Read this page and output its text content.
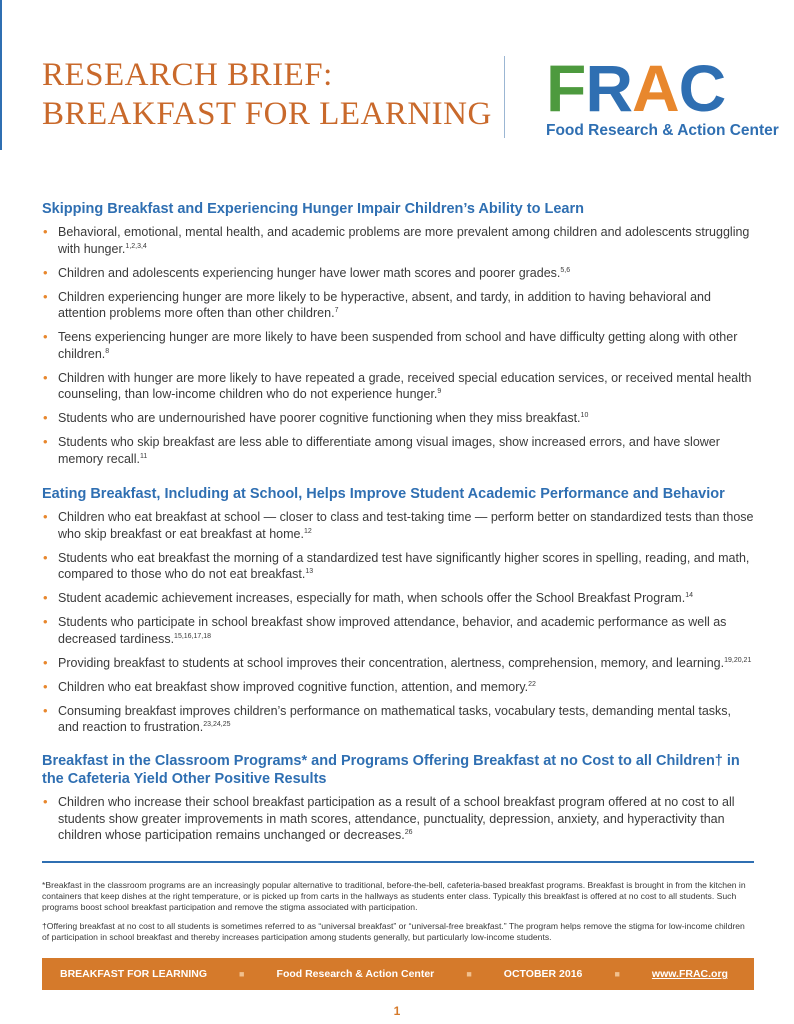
RESEARCH BRIEF:
BREAKFAST FOR LEARNING FRAC
Food Research & Action Center
Skipping Breakfast and Experiencing Hunger Impair Children’s Ability to Learn
• Behavioral, emotional, mental health, and academic problems are more prevalent among children and adolescents struggling with hunger.$^{1,2,3,4}$
• Children and adolescents experiencing hunger have lower math scores and poorer grades.$^{5,6}$
• Children experiencing hunger are more likely to be hyperactive, absent, and tardy, in addition to having behavioral and attention problems more often than other children.$^7$
• Teens experiencing hunger are more likely to have been suspended from school and have difficulty getting along with other children.$^8$
• Children with hunger are more likely to have repeated a grade, received special education services, or received mental health counseling, than low-income children who do not experience hunger.$^9$
• Students who are undernourished have poorer cognitive functioning when they miss breakfast.$^{10}$
• Students who skip breakfast are less able to differentiate among visual images, show increased errors, and have slower memory recall.$^{11}$
Eating Breakfast, Including at School, Helps Improve Student Academic Performance and Behavior
• Children who eat breakfast at school — closer to class and test-taking time — perform better on standardized tests than those who skip breakfast or eat breakfast at home.$^{12}$
• Students who eat breakfast the morning of a standardized test have significantly higher scores in spelling, reading, and math, compared to those who do not eat breakfast.$^{13}$
• Student academic achievement increases, especially for math, when schools offer the School Breakfast Program.$^{14}$
• Students who participate in school breakfast show improved attendance, behavior, and academic performance as well as decreased tardiness.$^{15,16,17,18}$
• Providing breakfast to students at school improves their concentration, alertness, comprehension, memory, and learning.$^{19,20,21}$
• Children who eat breakfast show improved cognitive function, attention, and memory.$^{22}$
• Consuming breakfast improves children’s performance on mathematical tasks, vocabulary tests, demanding mental tasks, and reaction to frustration.$^{23,24,25}$
Breakfast in the Classroom Programs* and Programs Offering Breakfast at no Cost to all Children† in the Cafeteria Yield Other Positive Results
• Children who increase their school breakfast participation as a result of a school breakfast program offered at no cost to all students show greater improvements in math scores, attendance, punctuality, depression, anxiety, and hyperactivity than children whose participation remains unchanged or decreases.$^{26}$
*Breakfast in the classroom programs are an increasingly popular alternative to traditional, before-the-bell, cafeteria-based breakfast programs. Breakfast is brought in from the kitchen in containers that keep dishes at the right temperature, or is picked up from carts in the hallways as students enter class. Typically this breakfast is offered at no cost to all students. Such programs boost school breakfast participation and remove the stigma associated with participation.
†Offering breakfast at no cost to all students is sometimes referred to as “universal breakfast” or “universal-free breakfast.” The program helps remove the stigma for low-income children of participation in school breakfast and thereby increases participation among students generally, but particularly low-income students.
BREAKFAST FOR LEARNING	■	Food Research & Action Center	■	OCTOBER 2016	■	www.FRAC.org
1
